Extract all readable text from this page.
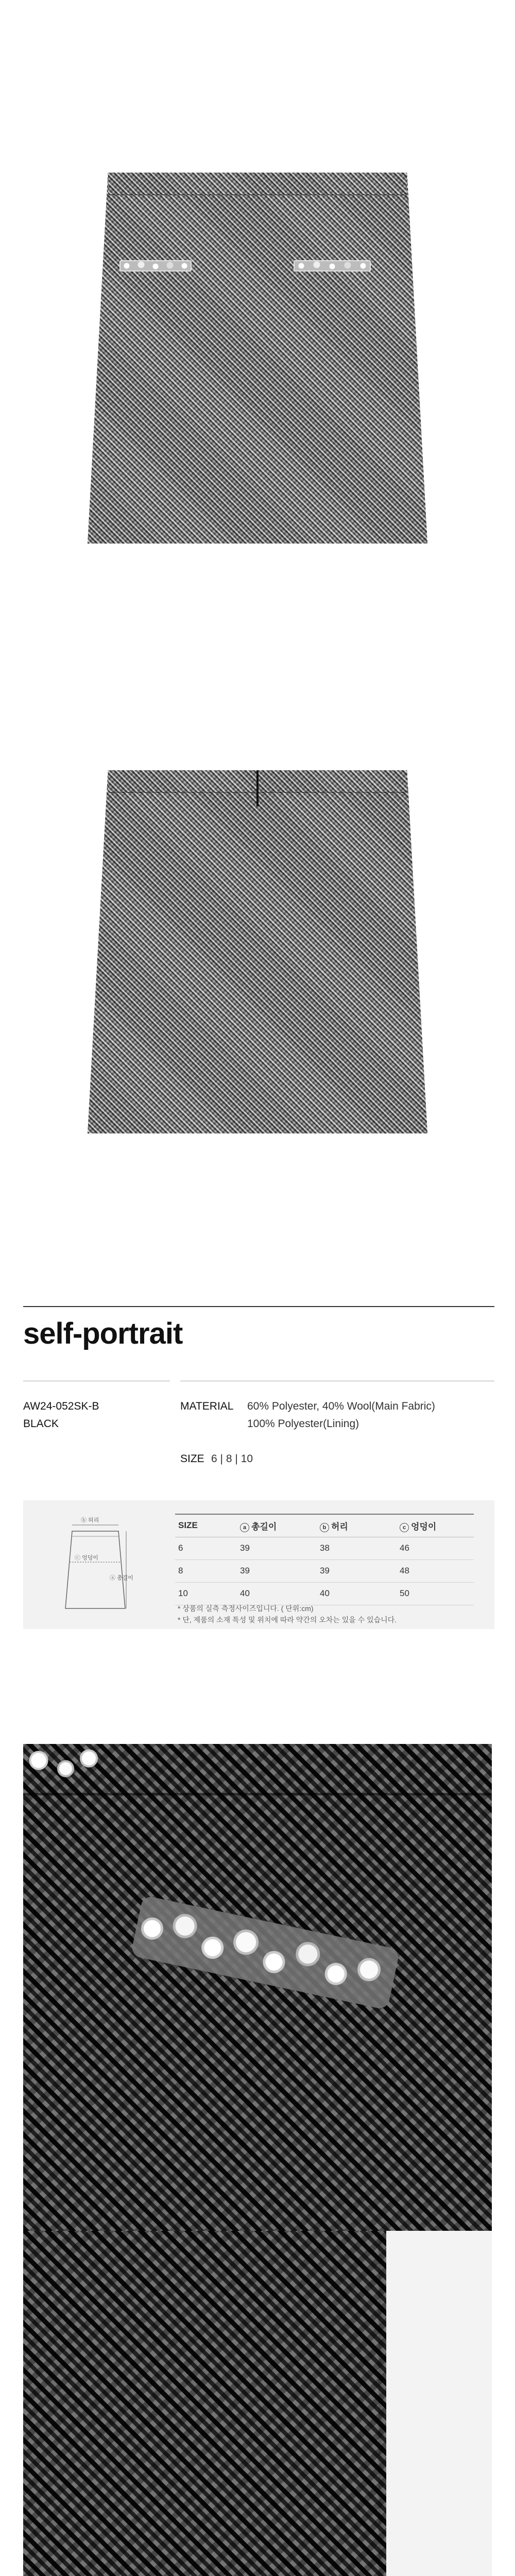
self-portrait
AW24-052SK-B
BLACK
MATERIAL 60% Polyester, 40% Wool(Main Fabric)
100% Polyester(Lining)
SIZE 6 | 8 | 10
ⓑ 허리
ⓒ 엉덩이
ⓐ 총길이
SIZE	a 총길이	b 허리	c 엉덩이
6	39	38	46
8	39	39	48
10	40	40	50
* 상품의 실측 측정사이즈입니다. ( 단위:cm)
* 단, 제품의 소재 특성 및 위치에 따라 약간의 오차는 있을 수 있습니다.
